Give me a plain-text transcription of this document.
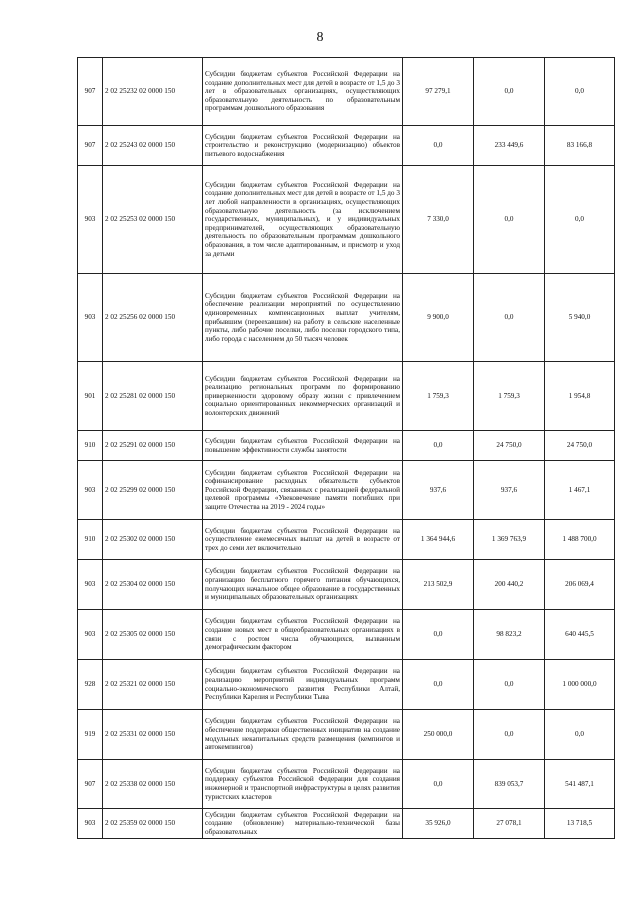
8
907	2 02 25232 02 0000 150	Субсидии бюджетам субъектов Российской Федерации на создание дополнительных мест для детей в возрасте от 1,5 до 3 лет в образовательных организациях, осуществляющих образовательную деятельность по образовательным программам дошкольного образования	97 279,1	0,0	0,0
907	2 02 25243 02 0000 150	Субсидии бюджетам субъектов Российской Федерации на строительство и реконструкцию (модернизацию) объектов питьевого водоснабжения	0,0	233 449,6	83 166,8
903	2 02 25253 02 0000 150	Субсидии бюджетам субъектов Российской Федерации на создание дополнительных мест для детей в возрасте от 1,5 до 3 лет любой направленности в организациях, осуществляющих образовательную деятельность (за исключением государственных, муниципальных), и у индивидуальных предпринимателей, осуществляющих образовательную деятельность по образовательным программам дошкольного образования, в том числе адаптированным, и присмотр и уход за детьми	7 330,0	0,0	0,0
903	2 02 25256 02 0000 150	Субсидии бюджетам субъектов Российской Федерации на обеспечение реализации мероприятий по осуществлению единовременных компенсационных выплат учителям, прибывшим (переехавшим) на работу в сельские населенные пункты, либо рабочие поселки, либо поселки городского типа, либо города с населением до 50 тысяч человек	9 900,0	0,0	5 940,0
901	2 02 25281 02 0000 150	Субсидии бюджетам субъектов Российской Федерации на реализацию региональных программ по формированию приверженности здоровому образу жизни с привлечением социально ориентированных некоммерческих организаций и волонтерских движений	1 759,3	1 759,3	1 954,8
910	2 02 25291 02 0000 150	Субсидии бюджетам субъектов Российской Федерации на повышение эффективности службы занятости	0,0	24 750,0	24 750,0
903	2 02 25299 02 0000 150	Субсидии бюджетам субъектов Российской Федерации на софинансирование расходных обязательств субъектов Российской Федерации, связанных с реализацией федеральной целевой программы «Увековечение памяти погибших при защите Отечества на 2019 - 2024 годы»	937,6	937,6	1 467,1
910	2 02 25302 02 0000 150	Субсидии бюджетам субъектов Российской Федерации на осуществление ежемесячных выплат на детей в возрасте от трех до семи лет включительно	1 364 944,6	1 369 763,9	1 488 700,0
903	2 02 25304 02 0000 150	Субсидии бюджетам субъектов Российской Федерации на организацию бесплатного горячего питания обучающихся, получающих начальное общее образование в государственных и муниципальных образовательных организациях	213 502,9	200 440,2	206 069,4
903	2 02 25305 02 0000 150	Субсидии бюджетам субъектов Российской Федерации на создание новых мест в общеобразовательных организациях в связи с ростом числа обучающихся, вызванным демографическим фактором	0,0	98 823,2	640 445,5
928	2 02 25321 02 0000 150	Субсидии бюджетам субъектов Российской Федерации на реализацию мероприятий индивидуальных программ социально-экономического развития Республики Алтай, Республики Карелия и Республики Тыва	0,0	0,0	1 000 000,0
919	2 02 25331 02 0000 150	Субсидии бюджетам субъектов Российской Федерации на обеспечение поддержки общественных инициатив на создание модульных некапитальных средств размещения (кемпингов и автокемпингов)	250 000,0	0,0	0,0
907	2 02 25338 02 0000 150	Субсидии бюджетам субъектов Российской Федерации на поддержку субъектов Российской Федерации для создания инженерной и транспортной инфраструктуры в целях развития туристских кластеров	0,0	839 053,7	541 487,1
903	2 02 25359 02 0000 150	Субсидии бюджетам субъектов Российской Федерации на создание (обновление) материально-технической базы образовательных	35 926,0	27 078,1	13 718,5
